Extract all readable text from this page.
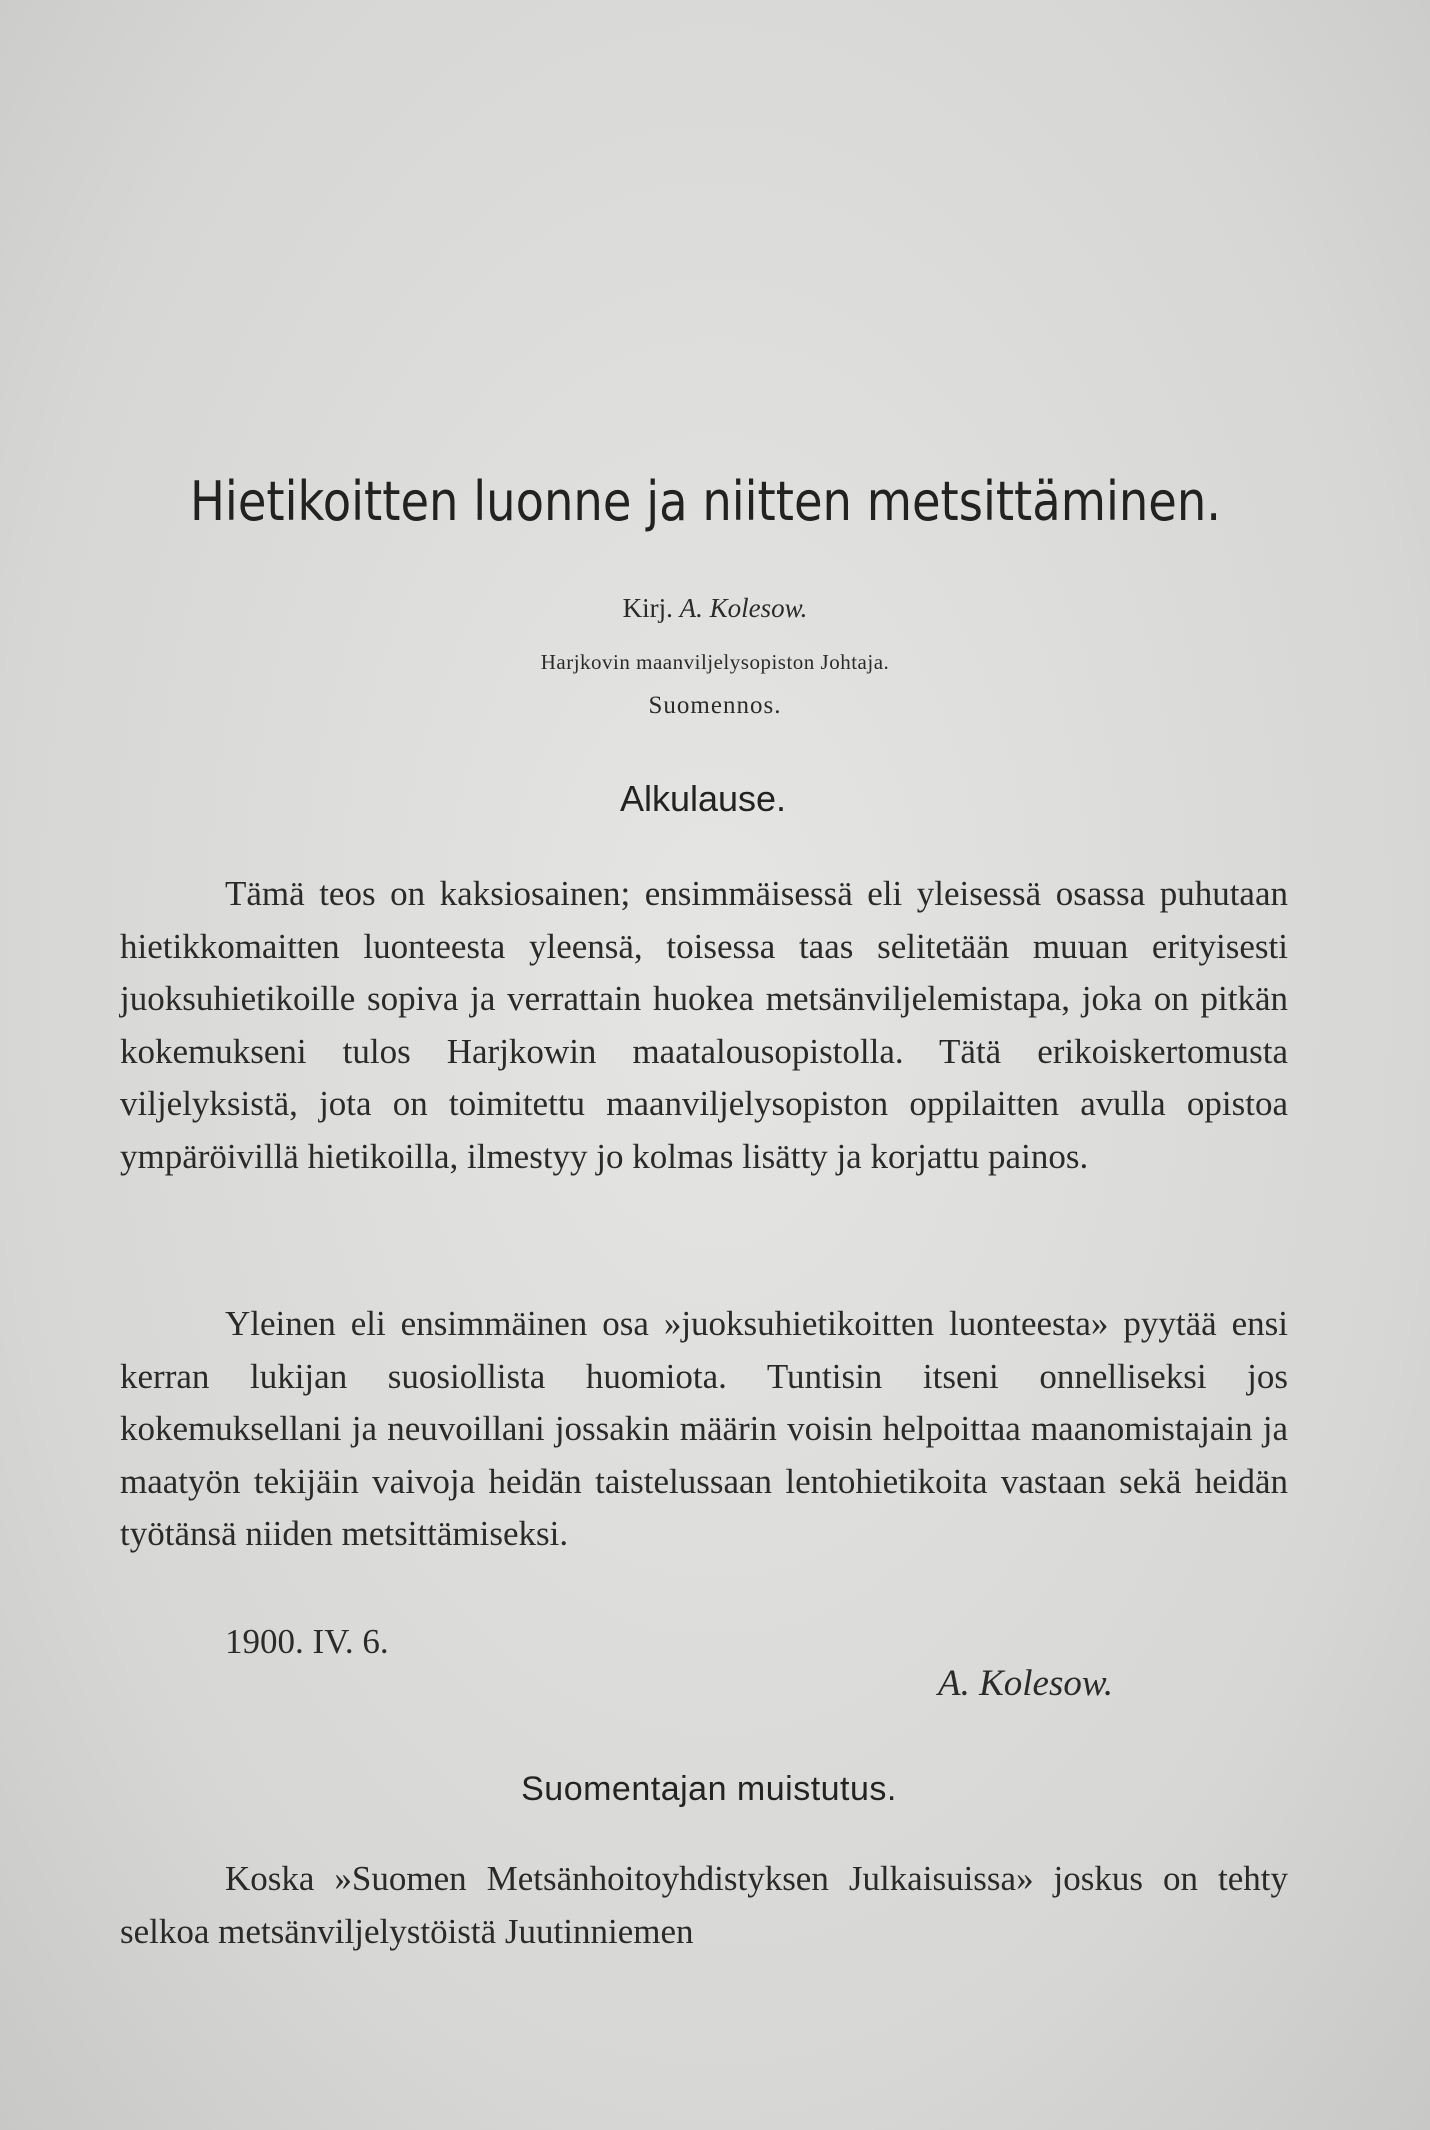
Hietikoitten luonne ja niitten metsittäminen.
Kirj. A. Kolesow.
Harjkovin maanviljelysopiston Johtaja.
Suomennos.
Alkulause.

Tämä teos on kaksiosainen; ensimmäisessä eli yleisessä osassa puhutaan hietikkomaitten luonteesta yleensä, toisessa taas selitetään muuan erityisesti juoksuhietikoille sopiva ja verrattain huokea metsänviljelemistapa, joka on pitkän kokemukseni tulos Harjkowin maatalousopistolla. Tätä erikoiskertomusta viljelyksistä, jota on toimitettu maanviljelysopiston oppilaitten avulla opistoa ympäröivillä hietikoilla, ilmestyy jo kolmas lisätty ja korjattu painos.

Yleinen eli ensimmäinen osa »juoksuhietikoitten luonteesta» pyytää ensi kerran lukijan suosiollista huomiota. Tuntisin itseni onnelliseksi jos kokemuksellani ja neuvoillani jossakin määrin voisin helpoittaa maanomistajain ja maatyön tekijäin vaivoja heidän taistelussaan lentohietikoita vastaan sekä heidän työtänsä niiden metsittämiseksi.

1900. IV. 6.
A. Kolesow.
Suomentajan muistutus.

Koska »Suomen Metsänhoitoyhdistyksen Julkaisuissa» joskus on tehty selkoa metsänviljelystöistä Juutinniemen
